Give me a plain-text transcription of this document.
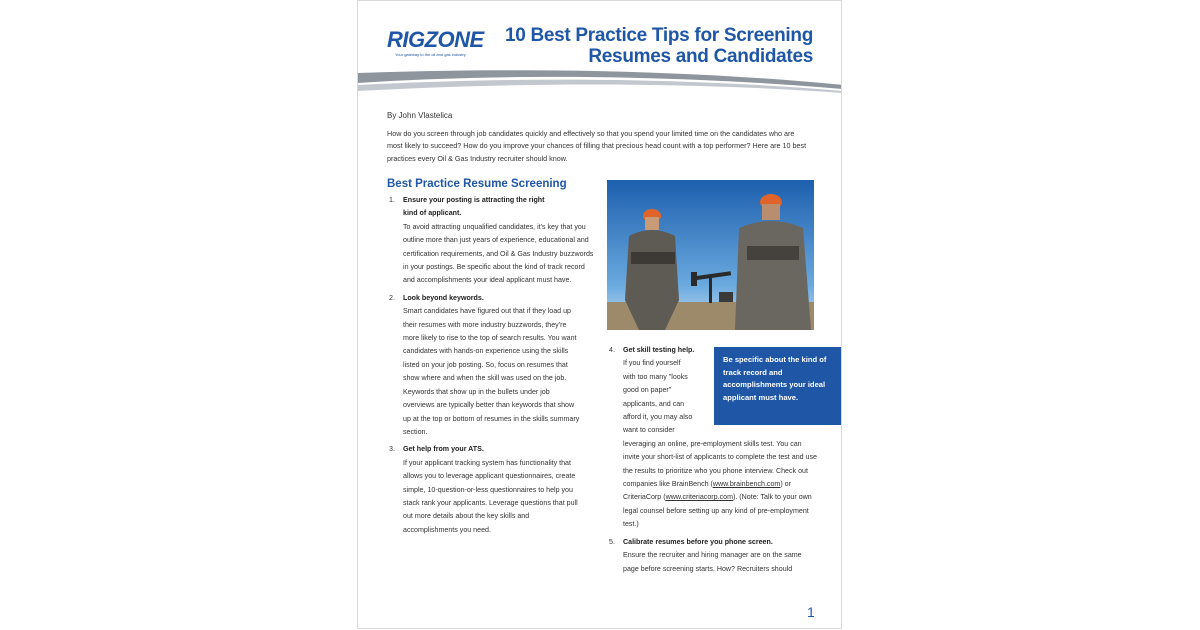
RIGZONE
Your gateway to the oil and gas industry
10 Best Practice Tips for Screening
Resumes and Candidates
By John Vlastelica
How do you screen through job candidates quickly and effectively so that you spend your limited time on the candidates who are most likely to succeed? How do you improve your chances of filling that precious head count with a top performer? Here are 10 best practices every Oil & Gas Industry recruiter should know.
Best Practice Resume Screening
1.	Ensure your posting is attracting the right kind of applicant.
To avoid attracting unqualified candidates, it's key that you outline more than just years of experience, educational and certification requirements, and Oil & Gas Industry buzzwords in your postings. Be specific about the kind of track record and accomplishments your ideal applicant must have.
2.	Look beyond keywords.
Smart candidates have figured out that if they load up their resumes with more industry buzzwords, they're more likely to rise to the top of search results. You want candidates with hands-on experience using the skills listed on your job posting. So, focus on resumes that show where and when the skill was used on the job. Keywords that show up in the bullets under job overviews are typically better than keywords that show up at the top or bottom of resumes in the skills summary section.
3.	Get help from your ATS.
If your applicant tracking system has functionality that allows you to leverage applicant questionnaires, create simple, 10-question-or-less questionnaires to help you stack rank your applicants. Leverage questions that pull out more details about the key skills and accomplishments you need.
Be specific about the kind of track record and accomplishments your ideal applicant must have.
4.	Get skill testing help.
If you find yourself with too many "looks good on paper" applicants, and can afford it, you may also want to consider leveraging an online, pre-employment skills test. You can invite your short-list of applicants to complete the test and use the results to prioritize who you phone interview. Check out companies like BrainBench (www.brainbench.com) or CriteriaCorp (www.criteriacorp.com). (Note: Talk to your own legal counsel before setting up any kind of pre-employment test.)
5.	Calibrate resumes before you phone screen.
Ensure the recruiter and hiring manager are on the same page before screening starts. How? Recruiters should
1
